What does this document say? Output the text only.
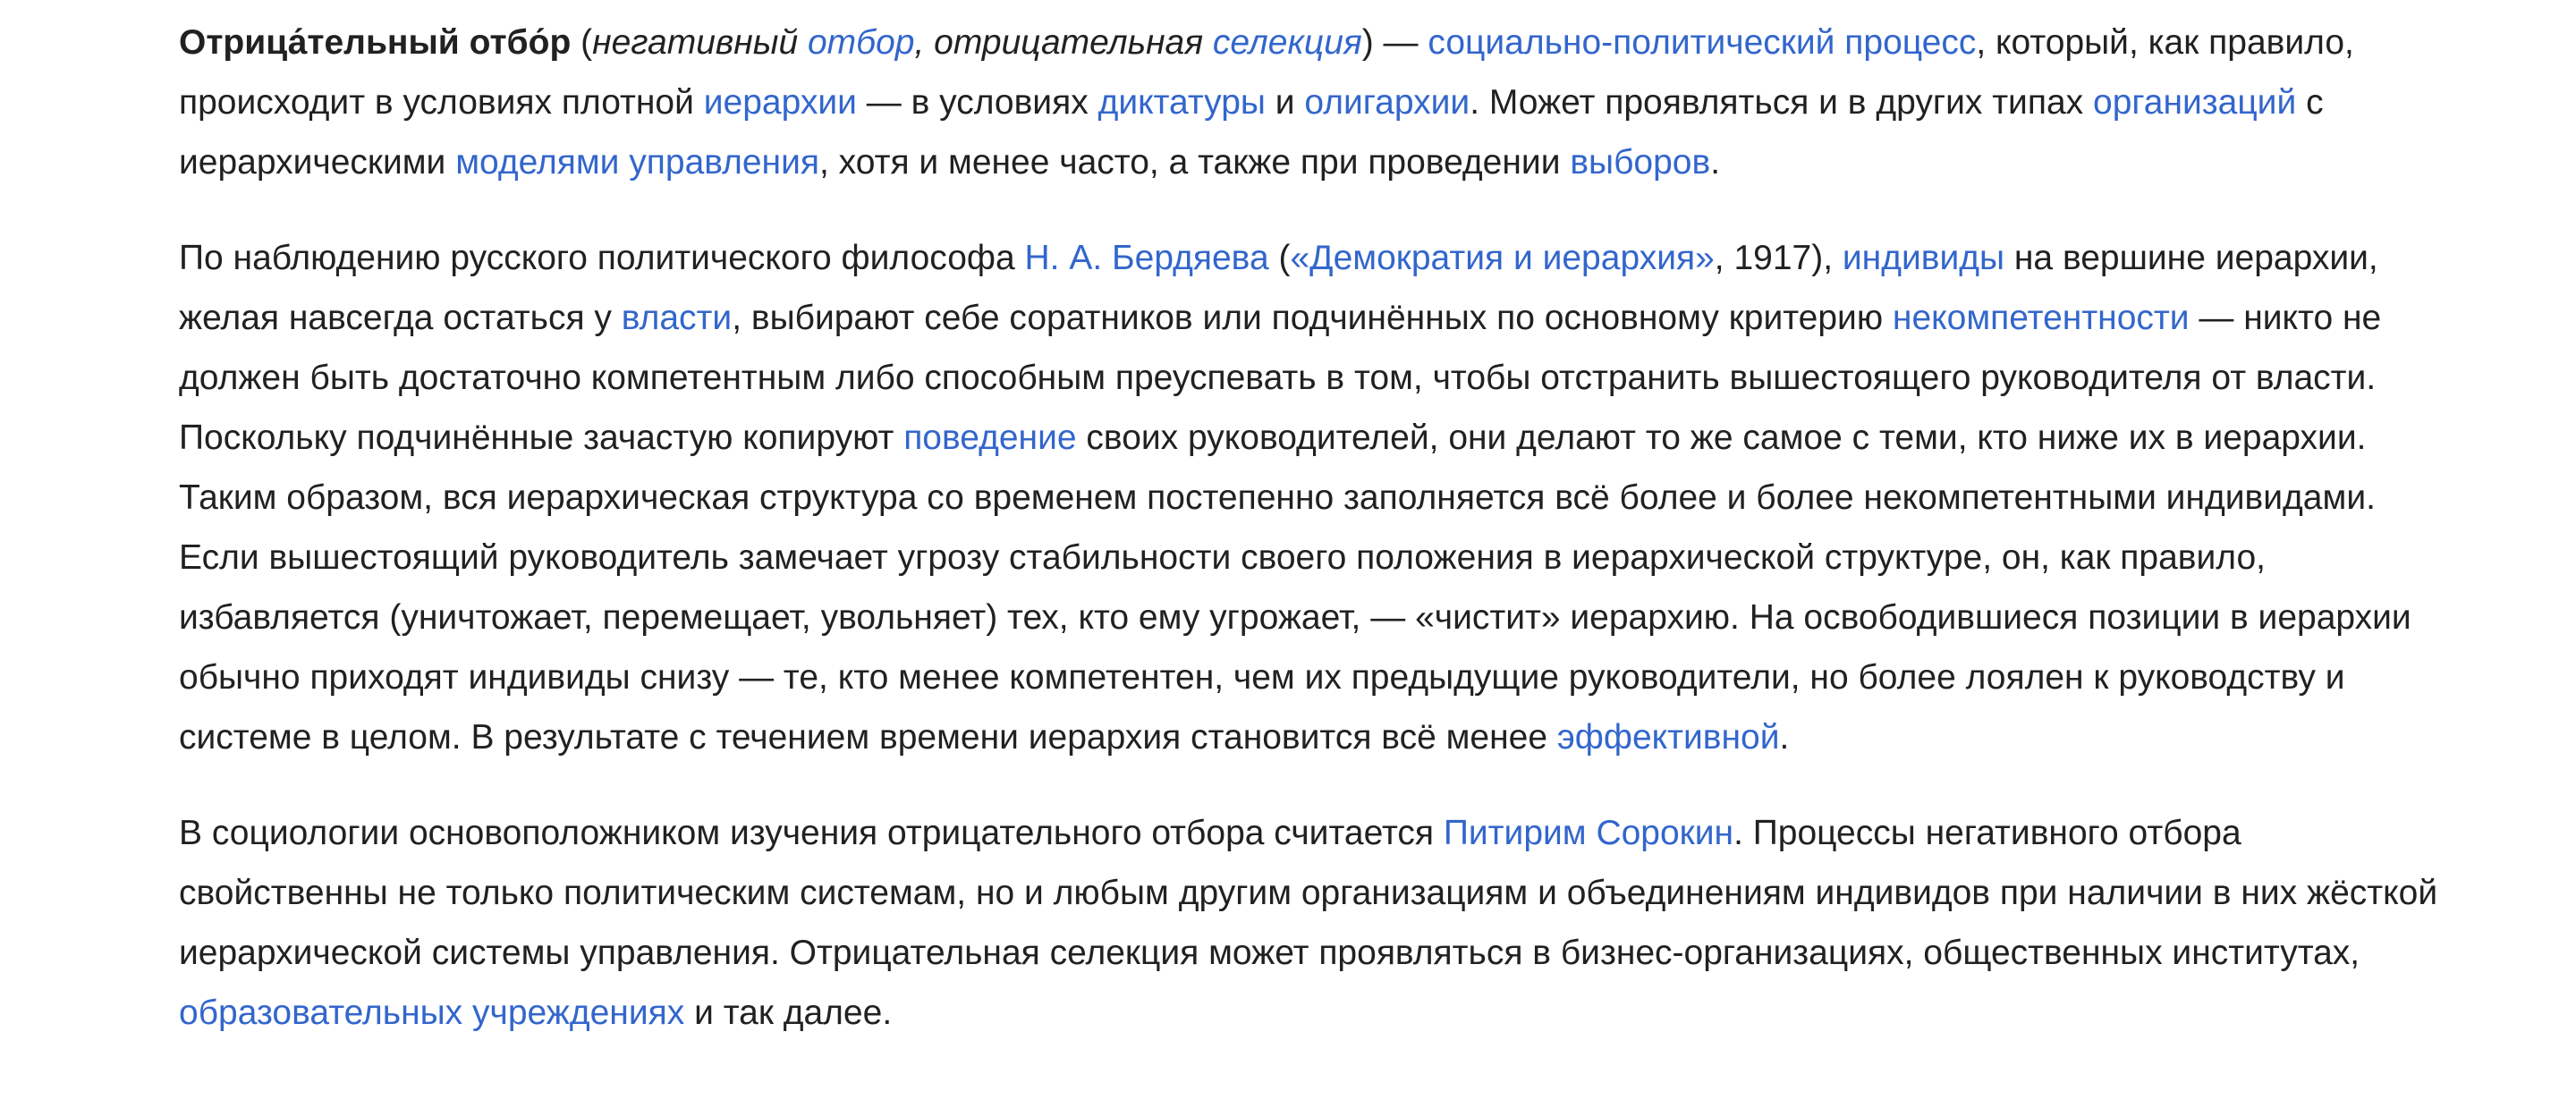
Отрица́тельный отбо́р (негативный отбор, отрицательная селекция) — социально-политический процесс, который, как правило, происходит в условиях плотной иерархии — в условиях диктатуры и олигархии. Может проявляться и в других типах организаций с иерархическими моделями управления, хотя и менее часто, а также при проведении выборов.

По наблюдению русского политического философа Н. А. Бердяева («Демократия и иерархия», 1917), индивиды на вершине иерархии, желая навсегда остаться у власти, выбирают себе соратников или подчинённых по основному критерию некомпетентности — никто не должен быть достаточно компетентным либо способным преуспевать в том, чтобы отстранить вышестоящего руководителя от власти. Поскольку подчинённые зачастую копируют поведение своих руководителей, они делают то же самое с теми, кто ниже их в иерархии. Таким образом, вся иерархическая структура со временем постепенно заполняется всё более и более некомпетентными индивидами. Если вышестоящий руководитель замечает угрозу стабильности своего положения в иерархической структуре, он, как правило, избавляется (уничтожает, перемещает, увольняет) тех, кто ему угрожает, — «чистит» иерархию. На освободившиеся позиции в иерархии обычно приходят индивиды снизу — те, кто менее компетентен, чем их предыдущие руководители, но более лоялен к руководству и системе в целом. В результате с течением времени иерархия становится всё менее эффективной.

В социологии основоположником изучения отрицательного отбора считается Питирим Сорокин. Процессы негативного отбора свойственны не только политическим системам, но и любым другим организациям и объединениям индивидов при наличии в них жёсткой иерархической системы управления. Отрицательная селекция может проявляться в бизнес-организациях, общественных институтах, образовательных учреждениях и так далее.
